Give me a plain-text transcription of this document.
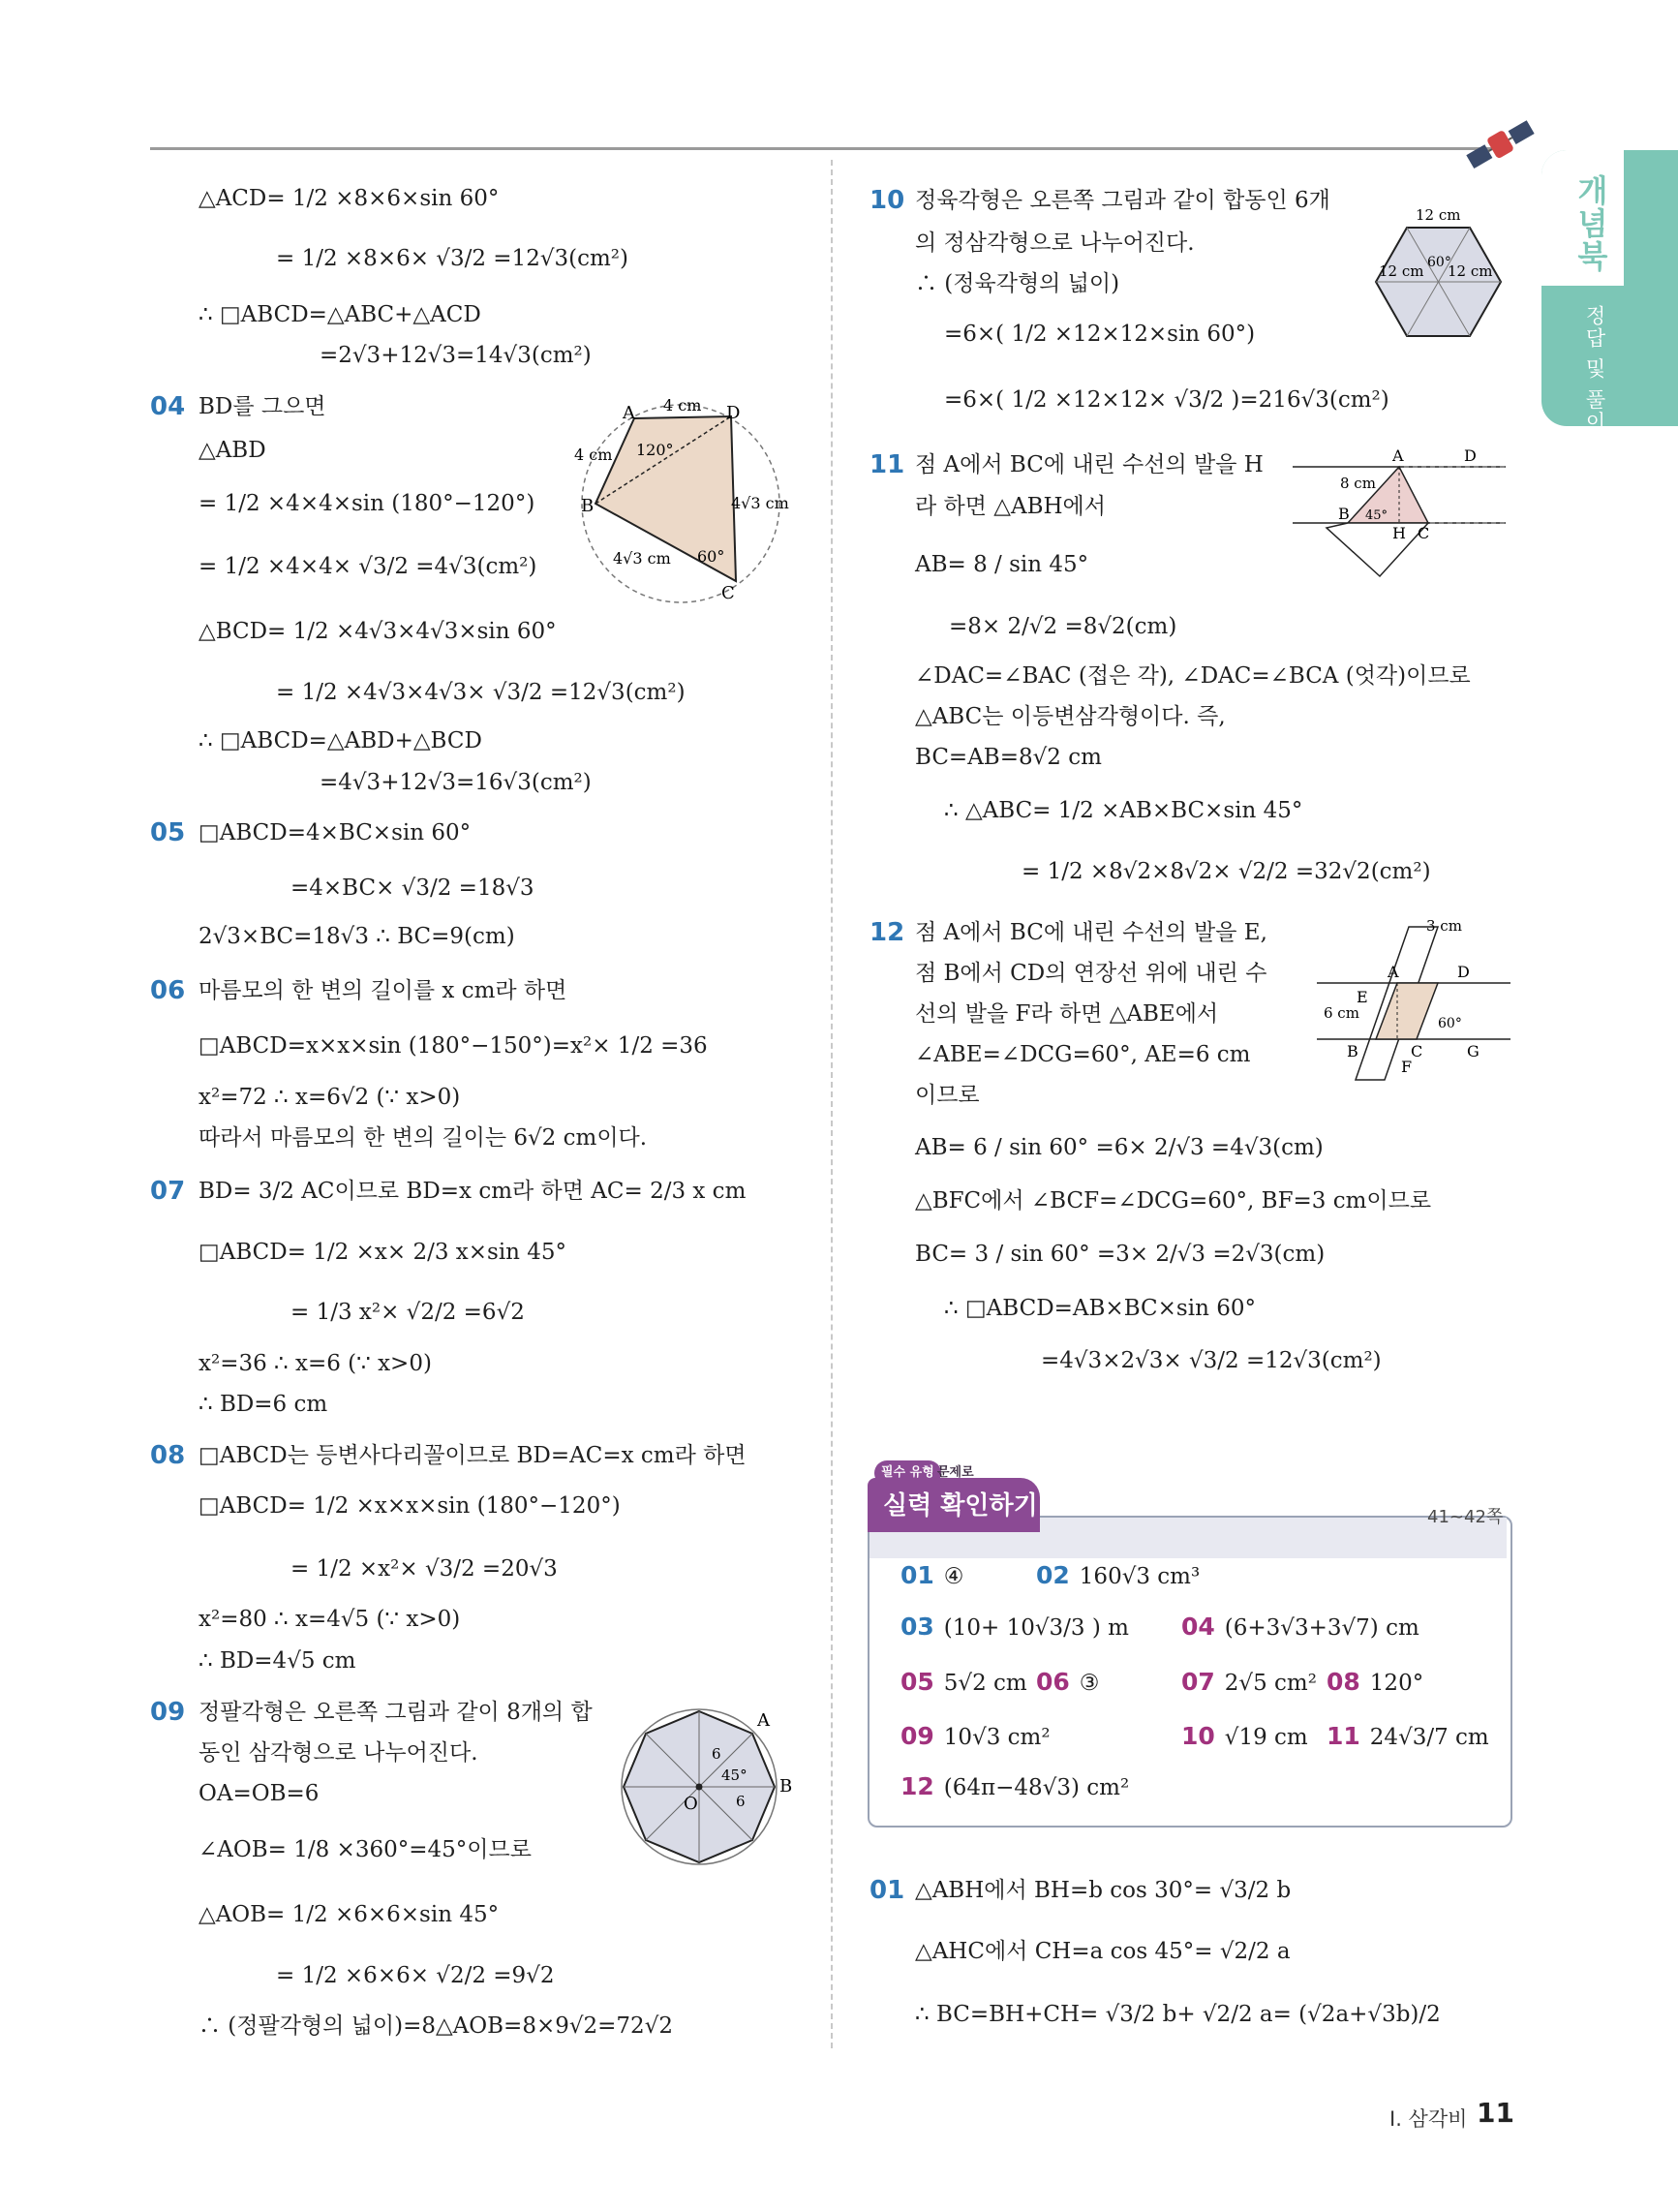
개념북
정답 및 풀이
△ACD= 1/2 ×8×6×sin 60°
= 1/2 ×8×6× √3/2 =12√3(cm²)
∴ □ABCD=△ABC+△ACD
=2√3+12√3=14√3(cm²)
04 BD를 그으면
△ABD
= 1/2 ×4×4×sin (180°−120°)
= 1/2 ×4×4× √3/2 =4√3(cm²)
△BCD= 1/2 ×4√3×4√3×sin 60°
= 1/2 ×4√3×4√3× √3/2 =12√3(cm²)
∴ □ABCD=△ABD+△BCD
=4√3+12√3=16√3(cm²)
A
B
C
D
4 cm
4 cm
4√3 cm
4√3 cm
120°
60°
05 □ABCD=4×BC×sin 60°
=4×BC× √3/2 =18√3
2√3×BC=18√3 ∴ BC=9(cm)
06 마름모의 한 변의 길이를 x cm라 하면
□ABCD=x×x×sin (180°−150°)=x²× 1/2 =36
x²=72 ∴ x=6√2 (∵ x>0)
따라서 마름모의 한 변의 길이는 6√2 cm이다.
07 BD= 3/2 AC이므로 BD=x cm라 하면 AC= 2/3 x cm
□ABCD= 1/2 ×x× 2/3 x×sin 45°
= 1/3 x²× √2/2 =6√2
x²=36 ∴ x=6 (∵ x>0)
∴ BD=6 cm
08 □ABCD는 등변사다리꼴이므로 BD=AC=x cm라 하면
□ABCD= 1/2 ×x×x×sin (180°−120°)
= 1/2 ×x²× √3/2 =20√3
x²=80 ∴ x=4√5 (∵ x>0)
∴ BD=4√5 cm
09 정팔각형은 오른쪽 그림과 같이 8개의 합
동인 삼각형으로 나누어진다.
OA=OB=6
∠AOB= 1/8 ×360°=45°이므로
△AOB= 1/2 ×6×6×sin 45°
= 1/2 ×6×6× √2/2 =9√2
∴ (정팔각형의 넓이)=8△AOB=8×9√2=72√2
A
B
O
6
6
45°
10 정육각형은 오른쪽 그림과 같이 합동인 6개
의 정삼각형으로 나누어진다.
∴ (정육각형의 넓이)
=6×( 1/2 ×12×12×sin 60°)
=6×( 1/2 ×12×12× √3/2 )=216√3(cm²)
12 cm
12 cm 12 cm
60°
11 점 A에서 BC에 내린 수선의 발을 H
라 하면 △ABH에서
AB= 8 / sin 45°
=8× 2/√2 =8√2(cm)
∠DAC=∠BAC (접은 각), ∠DAC=∠BCA (엇각)이므로
△ABC는 이등변삼각형이다. 즉,
BC=AB=8√2 cm
∴ △ABC= 1/2 ×AB×BC×sin 45°
= 1/2 ×8√2×8√2× √2/2 =32√2(cm²)
A	D
B
H C
8 cm
45°
12 점 A에서 BC에 내린 수선의 발을 E,
점 B에서 CD의 연장선 위에 내린 수
선의 발을 F라 하면 △ABE에서
∠ABE=∠DCG=60°, AE=6 cm
이므로
AB= 6 / sin 60° =6× 2/√3 =4√3(cm)
△BFC에서 ∠BCF=∠DCG=60°, BF=3 cm이므로
BC= 3 / sin 60° =3× 2/√3 =2√3(cm)
∴ □ABCD=AB×BC×sin 60°
=4√3×2√3× √3/2 =12√3(cm²)
3 cm
A	D
E
6 cm
60°
B	C
F
G
필수 유형 문제로
실력 확인하기	41~42쪽
01 ④	02 160√3 cm³
03 (10+ 10√3/3 ) m 04 (6+3√3+3√7) cm
05 5√2 cm 06 ③	07 2√5 cm² 08 120°
09 10√3 cm²	10 √19 cm 11 24√3/7 cm
12 (64π−48√3) cm²
01 △ABH에서 BH=b cos 30°= √3/2 b
△AHC에서 CH=a cos 45°= √2/2 a
∴ BC=BH+CH= √3/2 b+ √2/2 a= (√2a+√3b)/2
I. 삼각비 11
